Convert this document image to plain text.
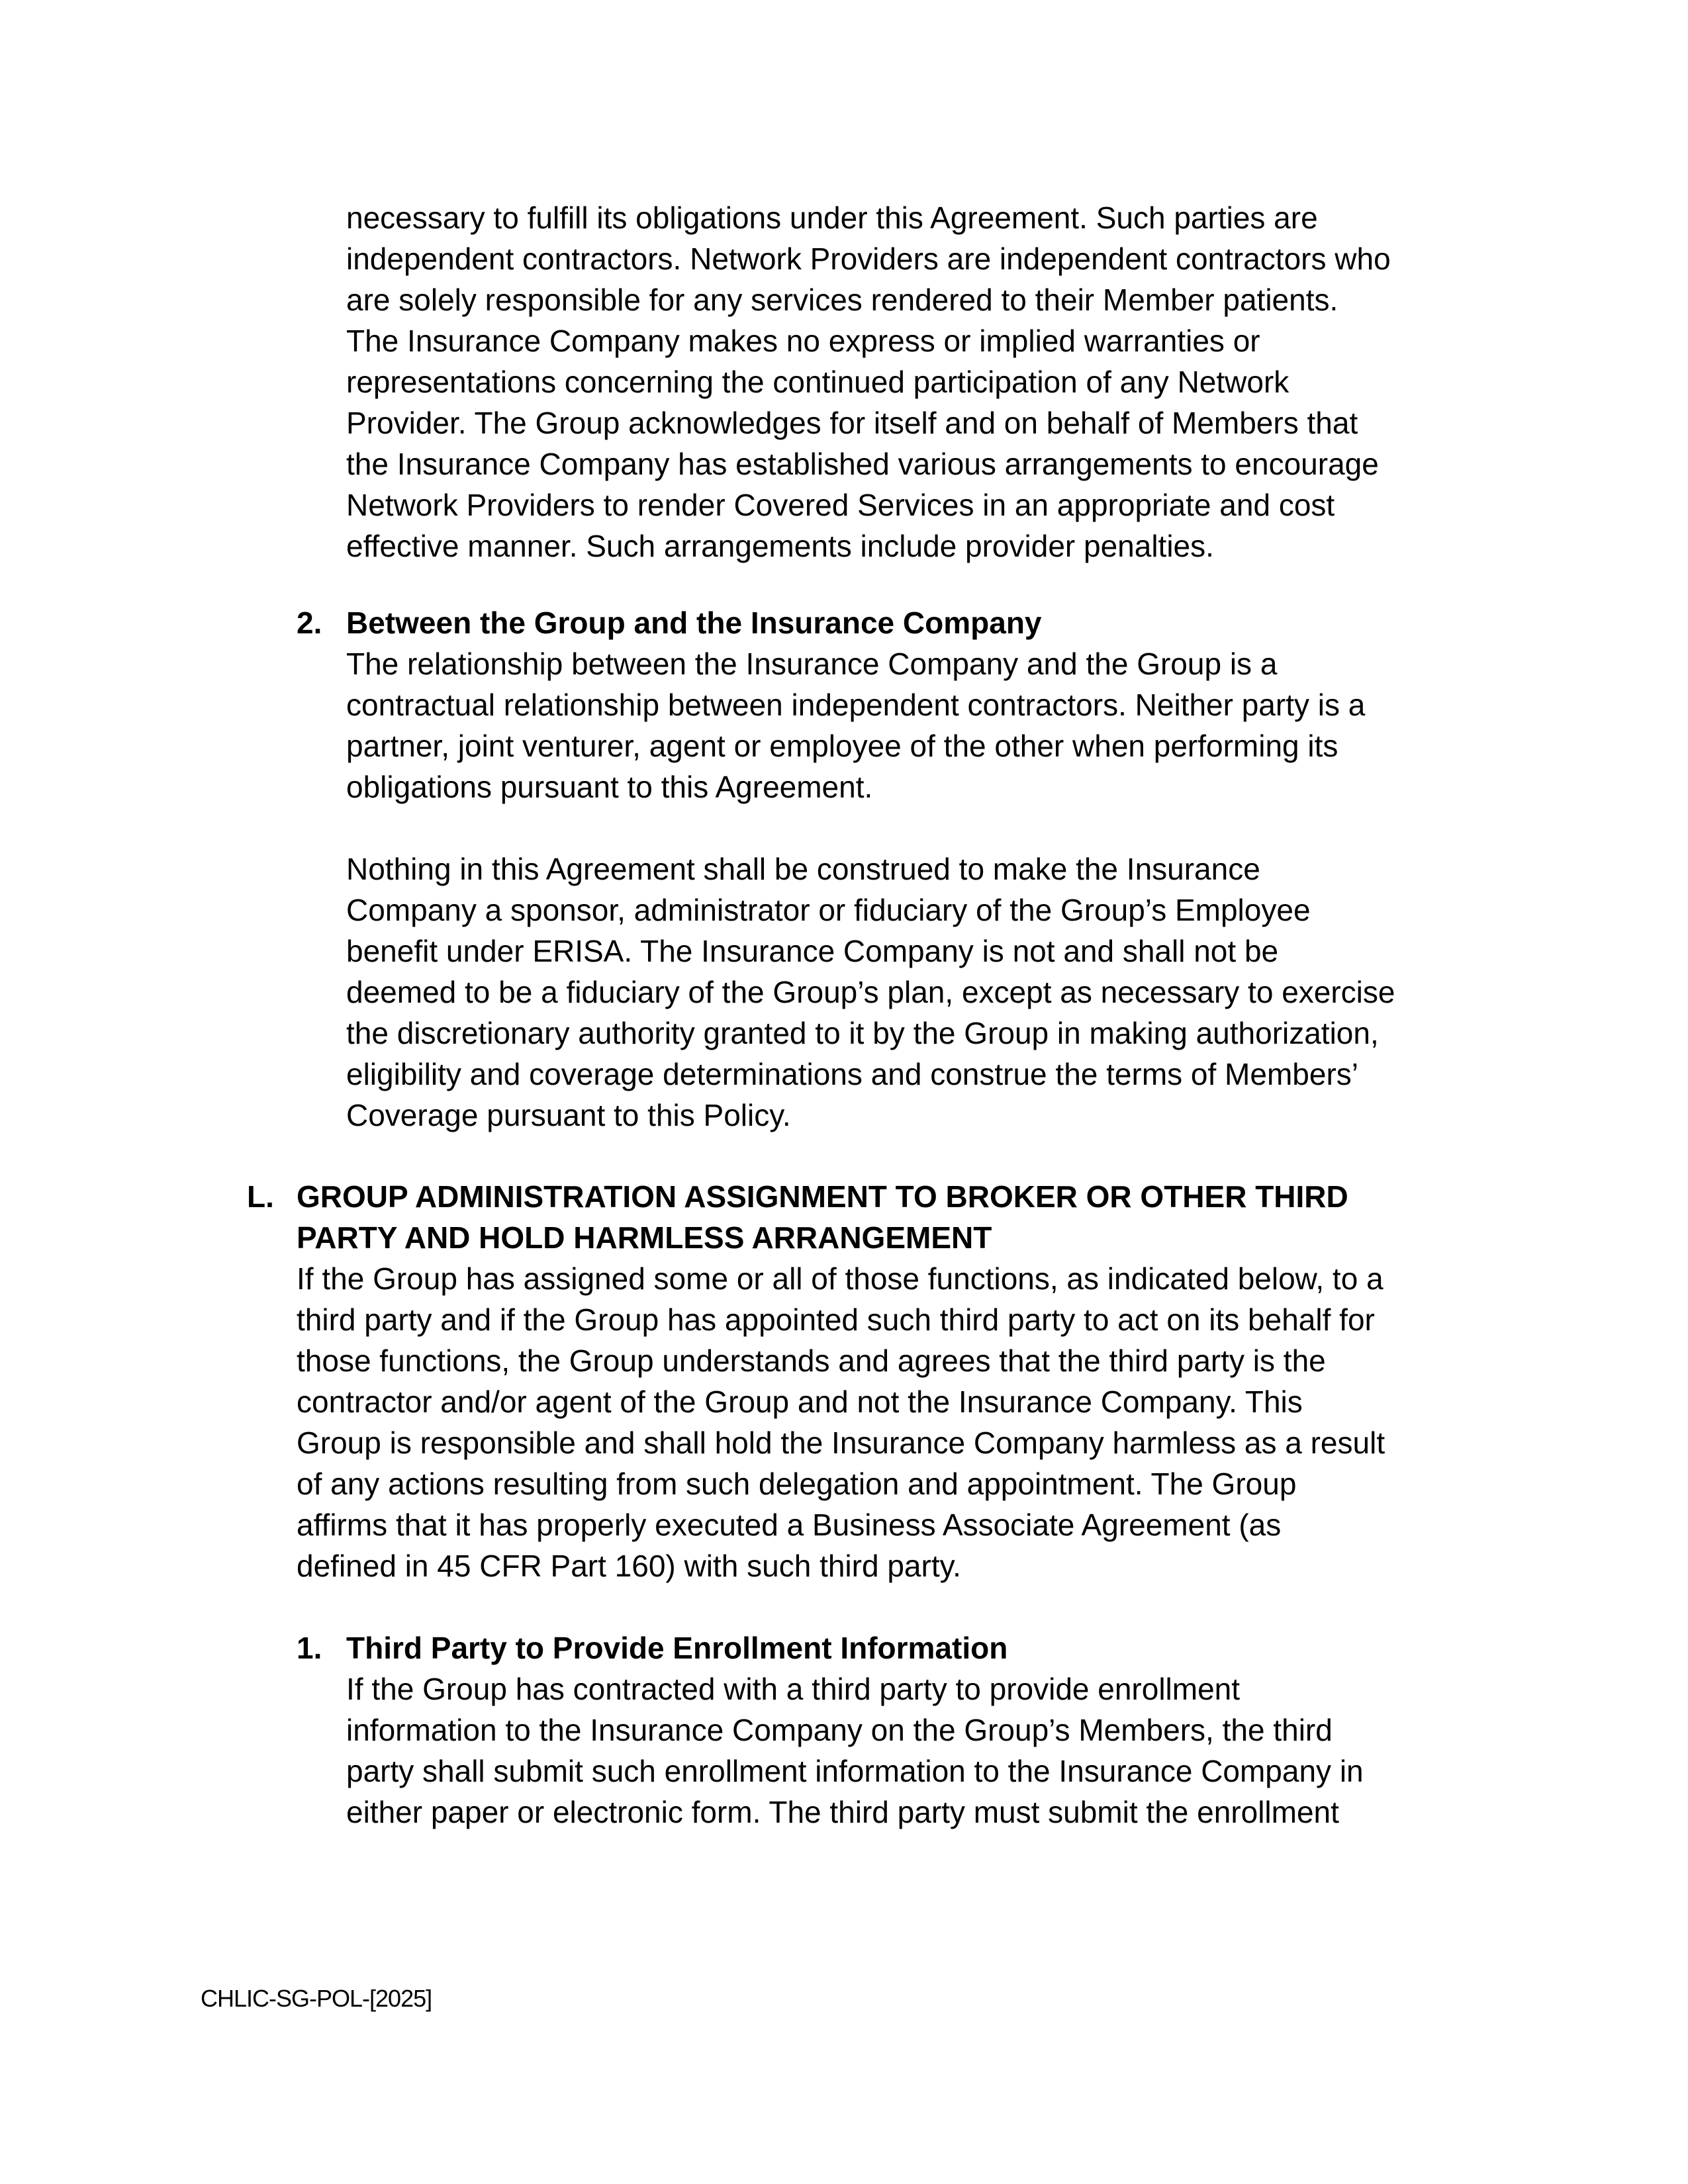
necessary to fulfill its obligations under this Agreement. Such parties are
independent contractors. Network Providers are independent contractors who
are solely responsible for any services rendered to their Member patients.
The Insurance Company makes no express or implied warranties or
representations concerning the continued participation of any Network
Provider. The Group acknowledges for itself and on behalf of Members that
the Insurance Company has established various arrangements to encourage
Network Providers to render Covered Services in an appropriate and cost
effective manner. Such arrangements include provider penalties.

2. Between the Group and the Insurance Company

The relationship between the Insurance Company and the Group is a
contractual relationship between independent contractors. Neither party is a
partner, joint venturer, agent or employee of the other when performing its
obligations pursuant to this Agreement.

Nothing in this Agreement shall be construed to make the Insurance
Company a sponsor, administrator or fiduciary of the Group’s Employee
benefit under ERISA. The Insurance Company is not and shall not be
deemed to be a fiduciary of the Group’s plan, except as necessary to exercise
the discretionary authority granted to it by the Group in making authorization,
eligibility and coverage determinations and construe the terms of Members’
Coverage pursuant to this Policy.

L. GROUP ADMINISTRATION ASSIGNMENT TO BROKER OR OTHER THIRD
PARTY AND HOLD HARMLESS ARRANGEMENT

If the Group has assigned some or all of those functions, as indicated below, to a
third party and if the Group has appointed such third party to act on its behalf for
those functions, the Group understands and agrees that the third party is the
contractor and/or agent of the Group and not the Insurance Company. This
Group is responsible and shall hold the Insurance Company harmless as a result
of any actions resulting from such delegation and appointment. The Group
affirms that it has properly executed a Business Associate Agreement (as
defined in 45 CFR Part 160) with such third party.

1. Third Party to Provide Enrollment Information

If the Group has contracted with a third party to provide enrollment
information to the Insurance Company on the Group’s Members, the third
party shall submit such enrollment information to the Insurance Company in
either paper or electronic form. The third party must submit the enrollment

CHLIC-SG-POL-[2025]
